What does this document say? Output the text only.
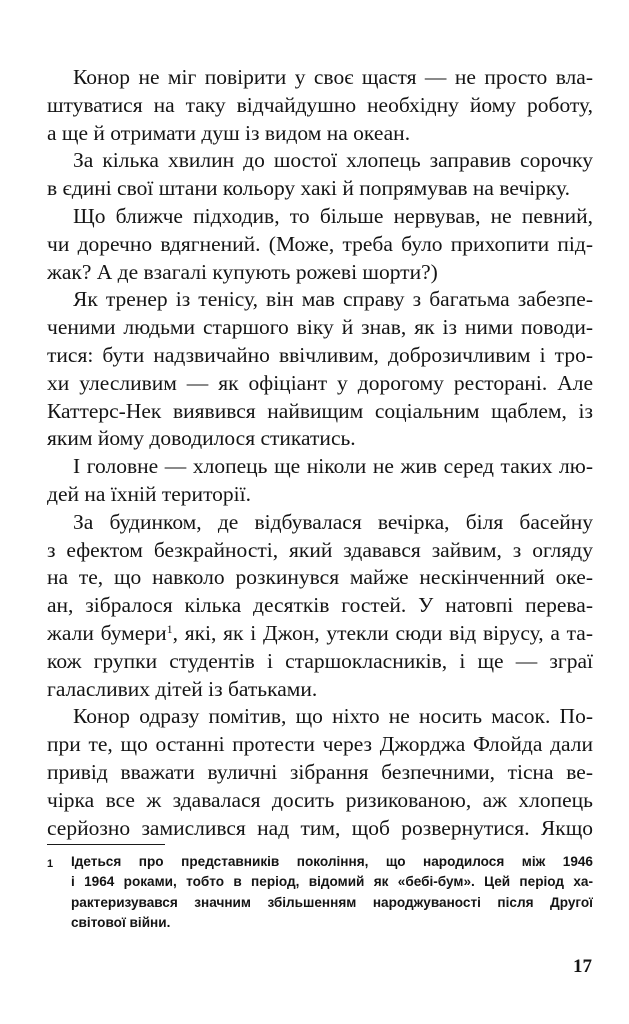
Конор не міг повірити у своє щастя — не просто вла-
штуватися на таку відчайдушно необхідну йому роботу,
а ще й отримати душ із видом на океан.
За кілька хвилин до шостої хлопець заправив сорочку
в єдині свої штани кольору хакі й попрямував на вечірку.
Що ближче підходив, то більше нервував, не певний,
чи доречно вдягнений. (Може, треба було прихопити під-
жак? А де взагалі купують рожеві шорти?)
Як тренер із тенісу, він мав справу з багатьма забезпе-
ченими людьми старшого віку й знав, як із ними поводи-
тися: бути надзвичайно ввічливим, доброзичливим і тро-
хи улесливим — як офіціант у дорогому ресторані. Але
Каттерс-Нек виявився найвищим соціальним щаблем, із
яким йому доводилося стикатись.
І головне — хлопець ще ніколи не жив серед таких лю-
дей на їхній території.
За будинком, де відбувалася вечірка, біля басейну
з ефектом безкрайності, який здавався зайвим, з огляду
на те, що навколо розкинувся майже нескінченний оке-
ан, зібралося кілька десятків гостей. У натовпі перева-
жали бумери$^1$, які, як і Джон, утекли сюди від вірусу, а та-
кож групки студентів і старшокласників, і ще — зграї
галасливих дітей із батьками.
Конор одразу помітив, що ніхто не носить масок. По-
при те, що останні протести через Джорджа Флойда дали
привід вважати вуличні зібрання безпечними, тісна ве-
чірка все ж здавалася досить ризикованою, аж хлопець
серйозно замислився над тим, щоб розвернутися. Якщо
1	Ідеться про представників покоління, що народилося між 1946
і 1964 роками, тобто в період, відомий як «бебі-бум». Цей період ха-
рактеризувався значним збільшенням народжуваності після Другої
світової війни.
17
